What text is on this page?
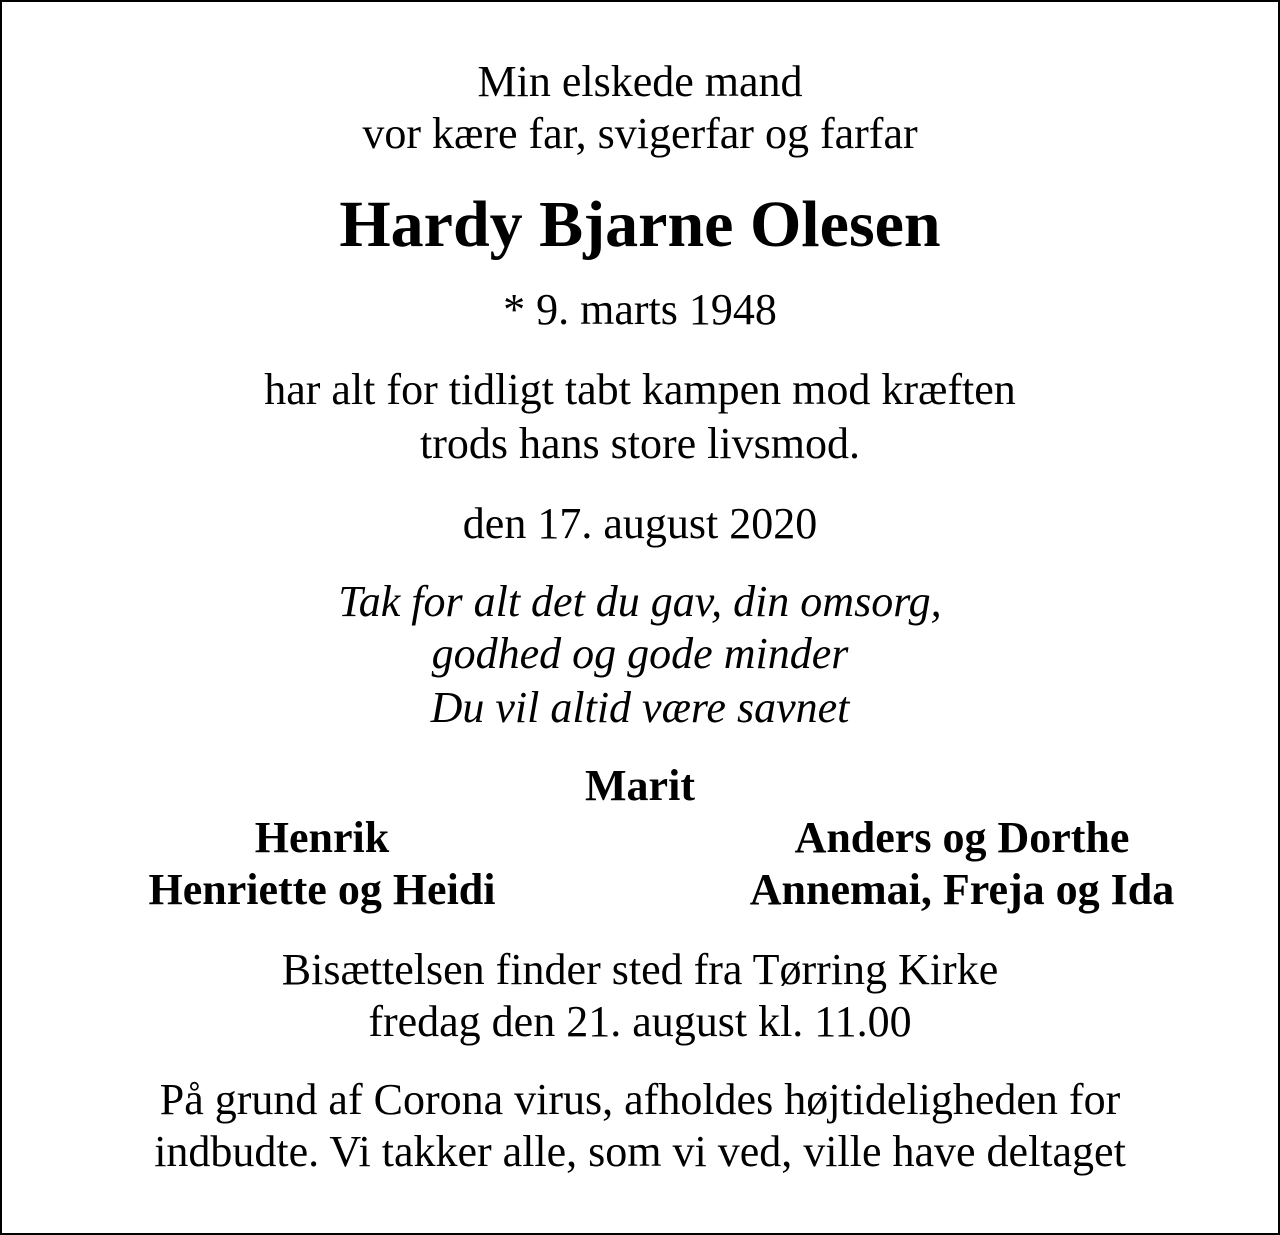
Min elskede mand
vor kære far, svigerfar og farfar
Hardy Bjarne Olesen
* 9. marts 1948
har alt for tidligt tabt kampen mod kræften
trods hans store livsmod.
den 17. august 2020
Tak for alt det du gav, din omsorg,
godhed og gode minder
Du vil altid være savnet
Marit
Henrik
Henriette og Heidi
Anders og Dorthe
Annemai, Freja og Ida
Bisættelsen finder sted fra Tørring Kirke
fredag den 21. august kl. 11.00
På grund af Corona virus, afholdes højtideligheden for
indbudte. Vi takker alle, som vi ved, ville have deltaget
